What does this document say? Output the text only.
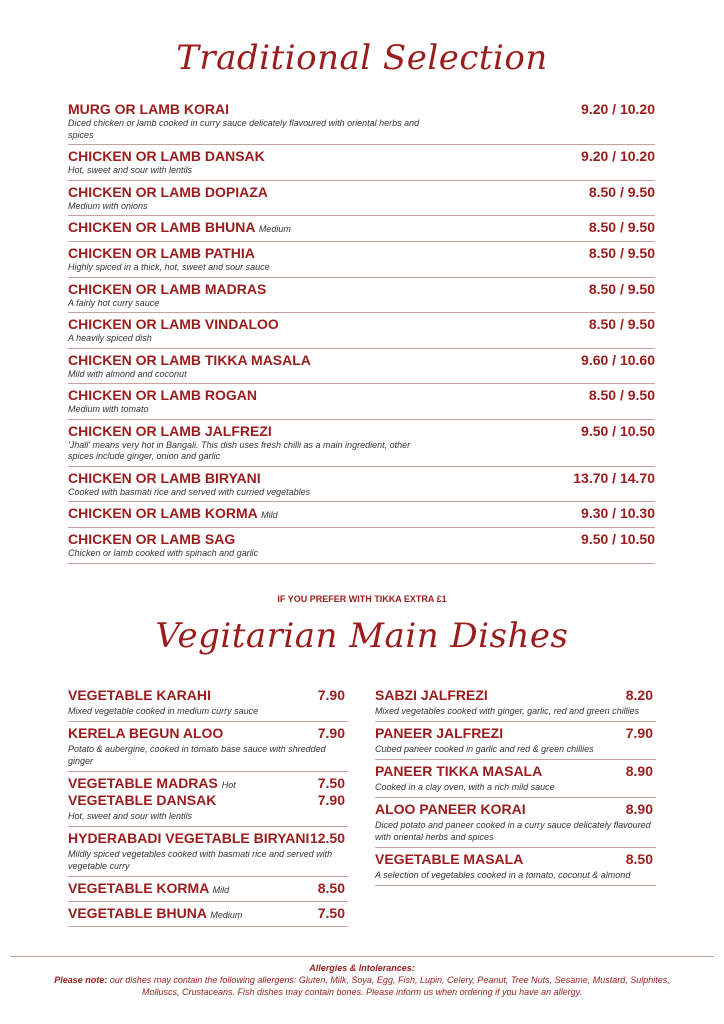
Traditional Selection
MURG OR LAMB KORAI	9.20 / 10.20
Diced chicken or lamb cooked in curry sauce delicately flavoured with oriental herbs and spices
CHICKEN OR LAMB DANSAK	9.20 / 10.20
Hot, sweet and sour with lentils
CHICKEN OR LAMB DOPIAZA	8.50 / 9.50
Medium with onions
CHICKEN OR LAMB BHUNA Medium	8.50 / 9.50
CHICKEN OR LAMB PATHIA	8.50 / 9.50
Highly spiced in a thick, hot, sweet and sour sauce
CHICKEN OR LAMB MADRAS	8.50 / 9.50
A fairly hot curry sauce
CHICKEN OR LAMB VINDALOO	8.50 / 9.50
A heavily spiced dish
CHICKEN OR LAMB TIKKA MASALA	9.60 / 10.60
Mild with almond and coconut
CHICKEN OR LAMB ROGAN	8.50 / 9.50
Medium with tomato
CHICKEN OR LAMB JALFREZI	9.50 / 10.50
'Jhall' means very hot in Bangali. This dish uses fresh chilli as a main ingredient, other spices include ginger, onion and garlic
CHICKEN OR LAMB BIRYANI	13.70 / 14.70
Cooked with basmati rice and served with curried vegetables
CHICKEN OR LAMB KORMA Mild	9.30 / 10.30
CHICKEN OR LAMB SAG	9.50 / 10.50
Chicken or lamb cooked with spinach and garlic
IF YOU PREFER WITH TIKKA EXTRA £1
Vegitarian Main Dishes
VEGETABLE KARAHI	7.90
Mixed vegetable cooked in medium curry sauce
KERELA BEGUN ALOO	7.90
Potato & aubergine, cooked in tomato base sauce with shredded ginger
VEGETABLE MADRAS Hot	7.50
VEGETABLE DANSAK	7.90
Hot, sweet and sour with lentils
HYDERABADI VEGETABLE BIRYANI 12.50
Mildly spiced vegetables cooked with basmati rice and served with vegetable curry
VEGETABLE KORMA Mild	8.50
VEGETABLE BHUNA Medium	7.50
SABZI JALFREZI	8.20
Mixed vegetables cooked with ginger, garlic, red and green chillies
PANEER JALFREZI	7.90
Cubed paneer cooked in garlic and red & green chillies
PANEER TIKKA MASALA	8.90
Cooked in a clay oven, with a rich mild sauce
ALOO PANEER KORAI	8.90
Diced potato and paneer cooked in a curry sauce delicately flavoured with oriental herbs and spices
VEGETABLE MASALA	8.50
A selection of vegetables cooked in a tomato, coconut & almond
Allergies & Intolerances:
Please note: our dishes may contain the following allergens: Gluten, Milk, Soya, Egg, Fish, Lupin, Celery, Peanut, Tree Nuts, Sesame, Mustard, Sulphites, Molluscs, Crustaceans. Fish dishes may contain bones. Please inform us when ordering if you have an allergy.
